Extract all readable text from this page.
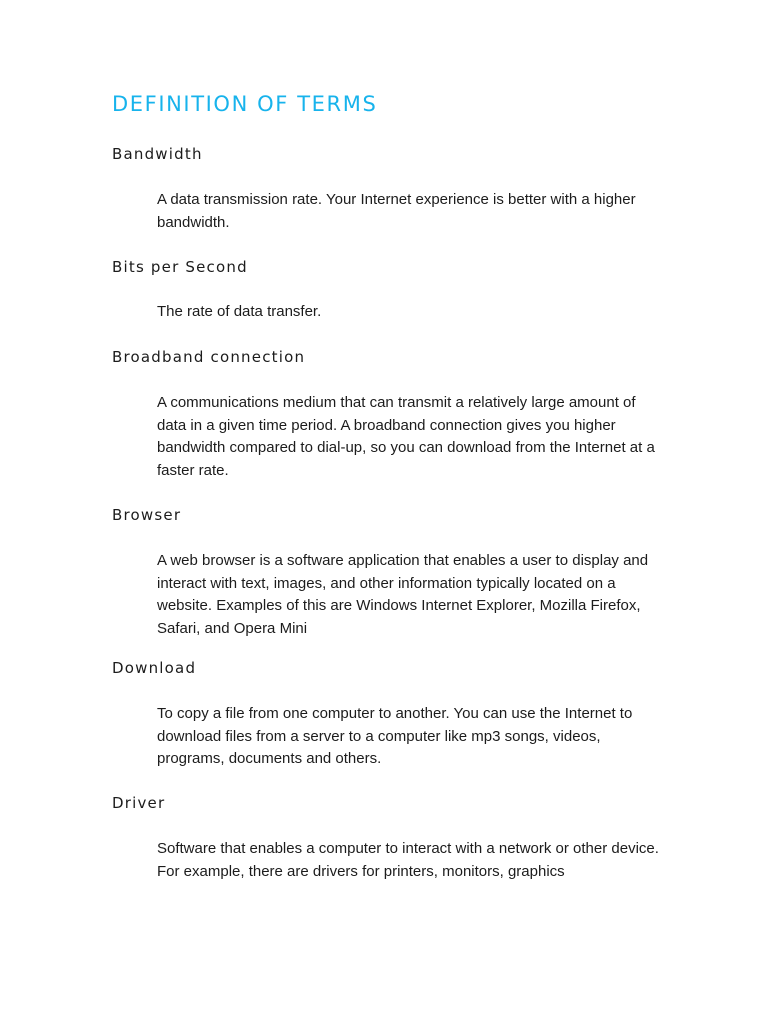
DEFINITION OF TERMS
Bandwidth

A data transmission rate. Your Internet experience is better with a higher bandwidth.

Bits per Second

The rate of data transfer.

Broadband connection

A communications medium that can transmit a relatively large amount of data in a given time period. A broadband connection gives you higher bandwidth compared to dial-up, so you can download from the Internet at a faster rate.

Browser

A web browser is a software application that enables a user to display and interact with text, images, and other information typically located on a website. Examples of this are Windows Internet Explorer, Mozilla Firefox, Safari, and Opera Mini

Download

To copy a file from one computer to another. You can use the Internet to download files from a server to a computer like mp3 songs, videos, programs, documents and others.

Driver

Software that enables a computer to interact with a network or other device. For example, there are drivers for printers, monitors, graphics
